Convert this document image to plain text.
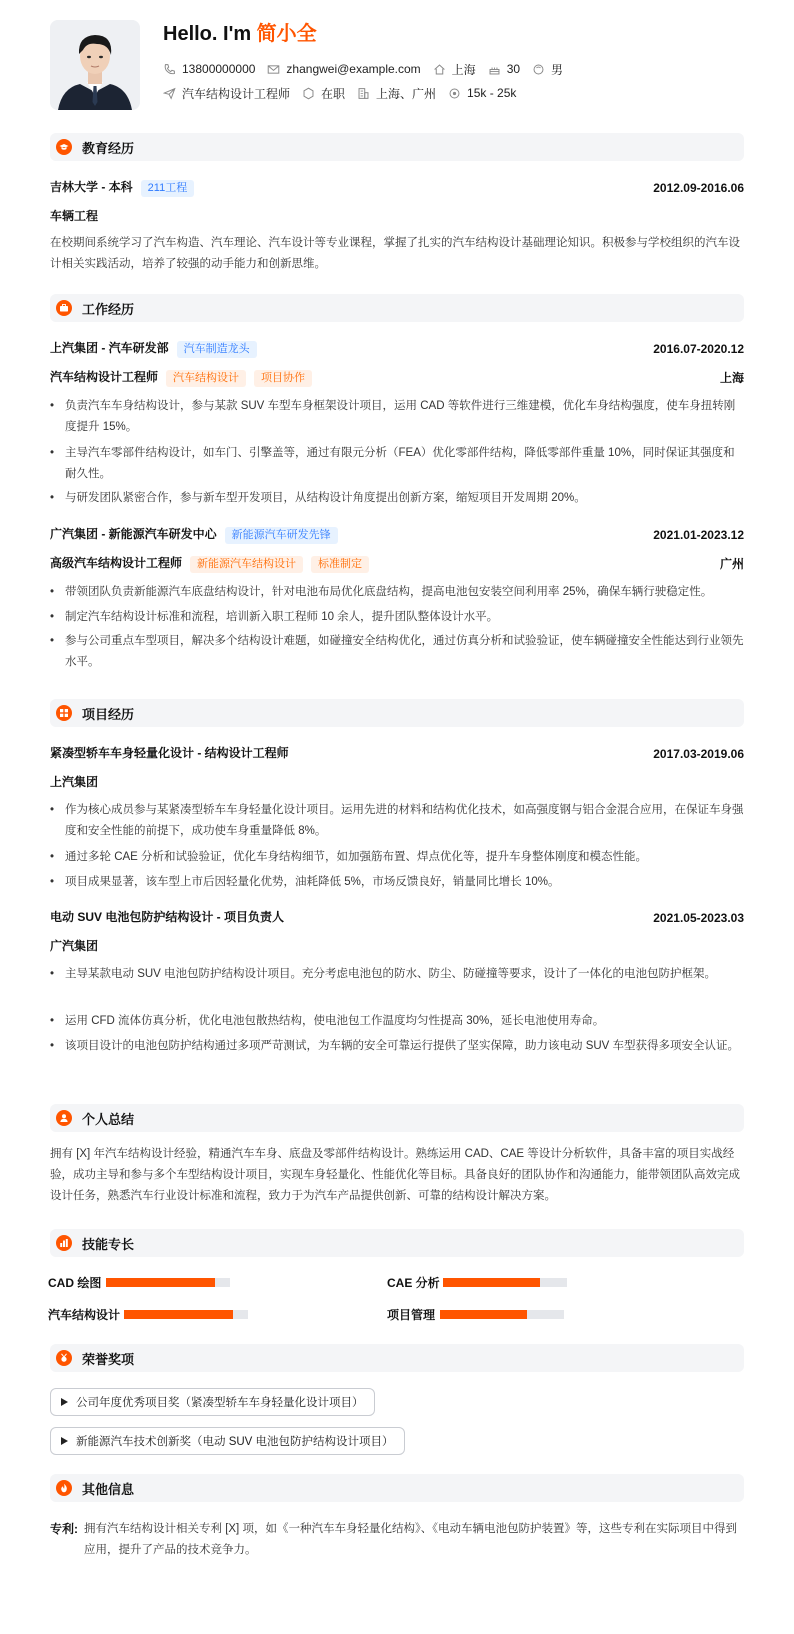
Hello. I'm 简小全
13800000000	zhangwei@example.com	上海	30	男
汽车结构设计工程师	在职	上海、广州	15k - 25k
教育经历
吉林大学 - 本科 211工程	2012.09-2016.06
车辆工程
在校期间系统学习了汽车构造、汽车理论、汽车设计等专业课程，掌握了扎实的汽车结构设计基础理论知识。积极参与学校组织的汽车设计相关实践活动，培养了较强的动手能力和创新思维。
工作经历
上汽集团 - 汽车研发部 汽车制造龙头	2016.07-2020.12
汽车结构设计工程师 汽车结构设计 项目协作	上海
• 负责汽车车身结构设计，参与某款 SUV 车型车身框架设计项目，运用 CAD 等软件进行三维建模，优化车身结构强度，使车身扭转刚度提升 15%。
• 主导汽车零部件结构设计，如车门、引擎盖等，通过有限元分析（FEA）优化零部件结构，降低零部件重量 10%，同时保证其强度和耐久性。
• 与研发团队紧密合作，参与新车型开发项目，从结构设计角度提出创新方案，缩短项目开发周期 20%。
广汽集团 - 新能源汽车研发中心 新能源汽车研发先锋	2021.01-2023.12
高级汽车结构设计工程师 新能源汽车结构设计 标准制定	广州
• 带领团队负责新能源汽车底盘结构设计，针对电池布局优化底盘结构，提高电池包安装空间利用率 25%，确保车辆行驶稳定性。
• 制定汽车结构设计标准和流程，培训新入职工程师 10 余人，提升团队整体设计水平。
• 参与公司重点车型项目，解决多个结构设计难题，如碰撞安全结构优化，通过仿真分析和试验验证，使车辆碰撞安全性能达到行业领先水平。
项目经历
紧凑型轿车车身轻量化设计 - 结构设计工程师	2017.03-2019.06
上汽集团
• 作为核心成员参与某紧凑型轿车车身轻量化设计项目。运用先进的材料和结构优化技术，如高强度钢与铝合金混合应用，在保证车身强度和安全性能的前提下，成功使车身重量降低 8%。
• 通过多轮 CAE 分析和试验验证，优化车身结构细节，如加强筋布置、焊点优化等，提升车身整体刚度和模态性能。
• 项目成果显著，该车型上市后因轻量化优势，油耗降低 5%，市场反馈良好，销量同比增长 10%。
电动 SUV 电池包防护结构设计 - 项目负责人	2021.05-2023.03
广汽集团
• 主导某款电动 SUV 电池包防护结构设计项目。充分考虑电池包的防水、防尘、防碰撞等要求，设计了一体化的电池包防护框架。
• 运用 CFD 流体仿真分析，优化电池包散热结构，使电池包工作温度均匀性提高 30%，延长电池使用寿命。
• 该项目设计的电池包防护结构通过多项严苛测试，为车辆的安全可靠运行提供了坚实保障，助力该电动 SUV 车型获得多项安全认证。
个人总结
拥有 [X] 年汽车结构设计经验，精通汽车车身、底盘及零部件结构设计。熟练运用 CAD、CAE 等设计分析软件，具备丰富的项目实战经验，成功主导和参与多个车型结构设计项目，实现车身轻量化、性能优化等目标。具备良好的团队协作和沟通能力，能带领团队高效完成设计任务，熟悉汽车行业设计标准和流程，致力于为汽车产品提供创新、可靠的结构设计解决方案。
技能专长
CAD 绘图	CAE 分析
汽车结构设计	项目管理
荣誉奖项
公司年度优秀项目奖（紧凑型轿车车身轻量化设计项目）
新能源汽车技术创新奖（电动 SUV 电池包防护结构设计项目）
其他信息
专利: 拥有汽车结构设计相关专利 [X] 项，如《一种汽车车身轻量化结构》、《电动车辆电池包防护装置》等，这些专利在实际项目中得到应用，提升了产品的技术竞争力。
